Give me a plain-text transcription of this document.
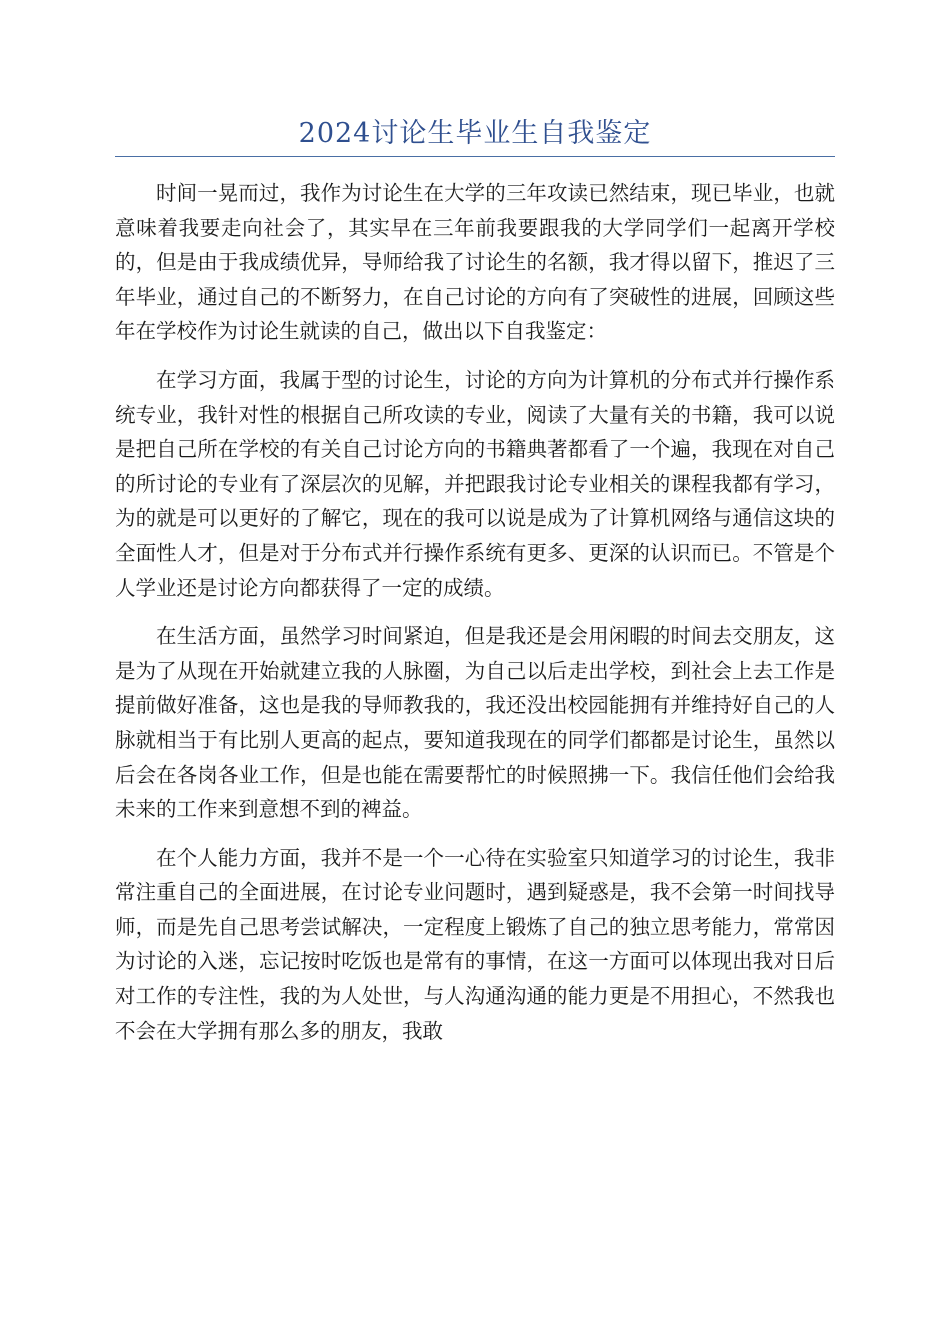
2024讨论生毕业生自我鉴定

时间一晃而过，我作为讨论生在大学的三年攻读已然结束，现已毕业，也就意味着我要走向社会了，其实早在三年前我要跟我的大学同学们一起离开学校的，但是由于我成绩优异，导师给我了讨论生的名额，我才得以留下，推迟了三年毕业，通过自己的不断努力，在自己讨论的方向有了突破性的进展，回顾这些年在学校作为讨论生就读的自己，做出以下自我鉴定：

在学习方面，我属于型的讨论生，讨论的方向为计算机的分布式并行操作系统专业，我针对性的根据自己所攻读的专业，阅读了大量有关的书籍，我可以说是把自己所在学校的有关自己讨论方向的书籍典著都看了一个遍，我现在对自己的所讨论的专业有了深层次的见解，并把跟我讨论专业相关的课程我都有学习，为的就是可以更好的了解它，现在的我可以说是成为了计算机网络与通信这块的全面性人才，但是对于分布式并行操作系统有更多、更深的认识而已。不管是个人学业还是讨论方向都获得了一定的成绩。

在生活方面，虽然学习时间紧迫，但是我还是会用闲暇的时间去交朋友，这是为了从现在开始就建立我的人脉圈，为自己以后走出学校，到社会上去工作是提前做好准备，这也是我的导师教我的，我还没出校园能拥有并维持好自己的人脉就相当于有比别人更高的起点，要知道我现在的同学们都都是讨论生，虽然以后会在各岗各业工作，但是也能在需要帮忙的时候照拂一下。我信任他们会给我未来的工作来到意想不到的裨益。

在个人能力方面，我并不是一个一心待在实验室只知道学习的讨论生，我非常注重自己的全面进展，在讨论专业问题时，遇到疑惑是，我不会第一时间找导师，而是先自己思考尝试解决，一定程度上锻炼了自己的独立思考能力，常常因为讨论的入迷，忘记按时吃饭也是常有的事情，在这一方面可以体现出我对日后对工作的专注性，我的为人处世，与人沟通沟通的能力更是不用担心，不然我也不会在大学拥有那么多的朋友，我敢
